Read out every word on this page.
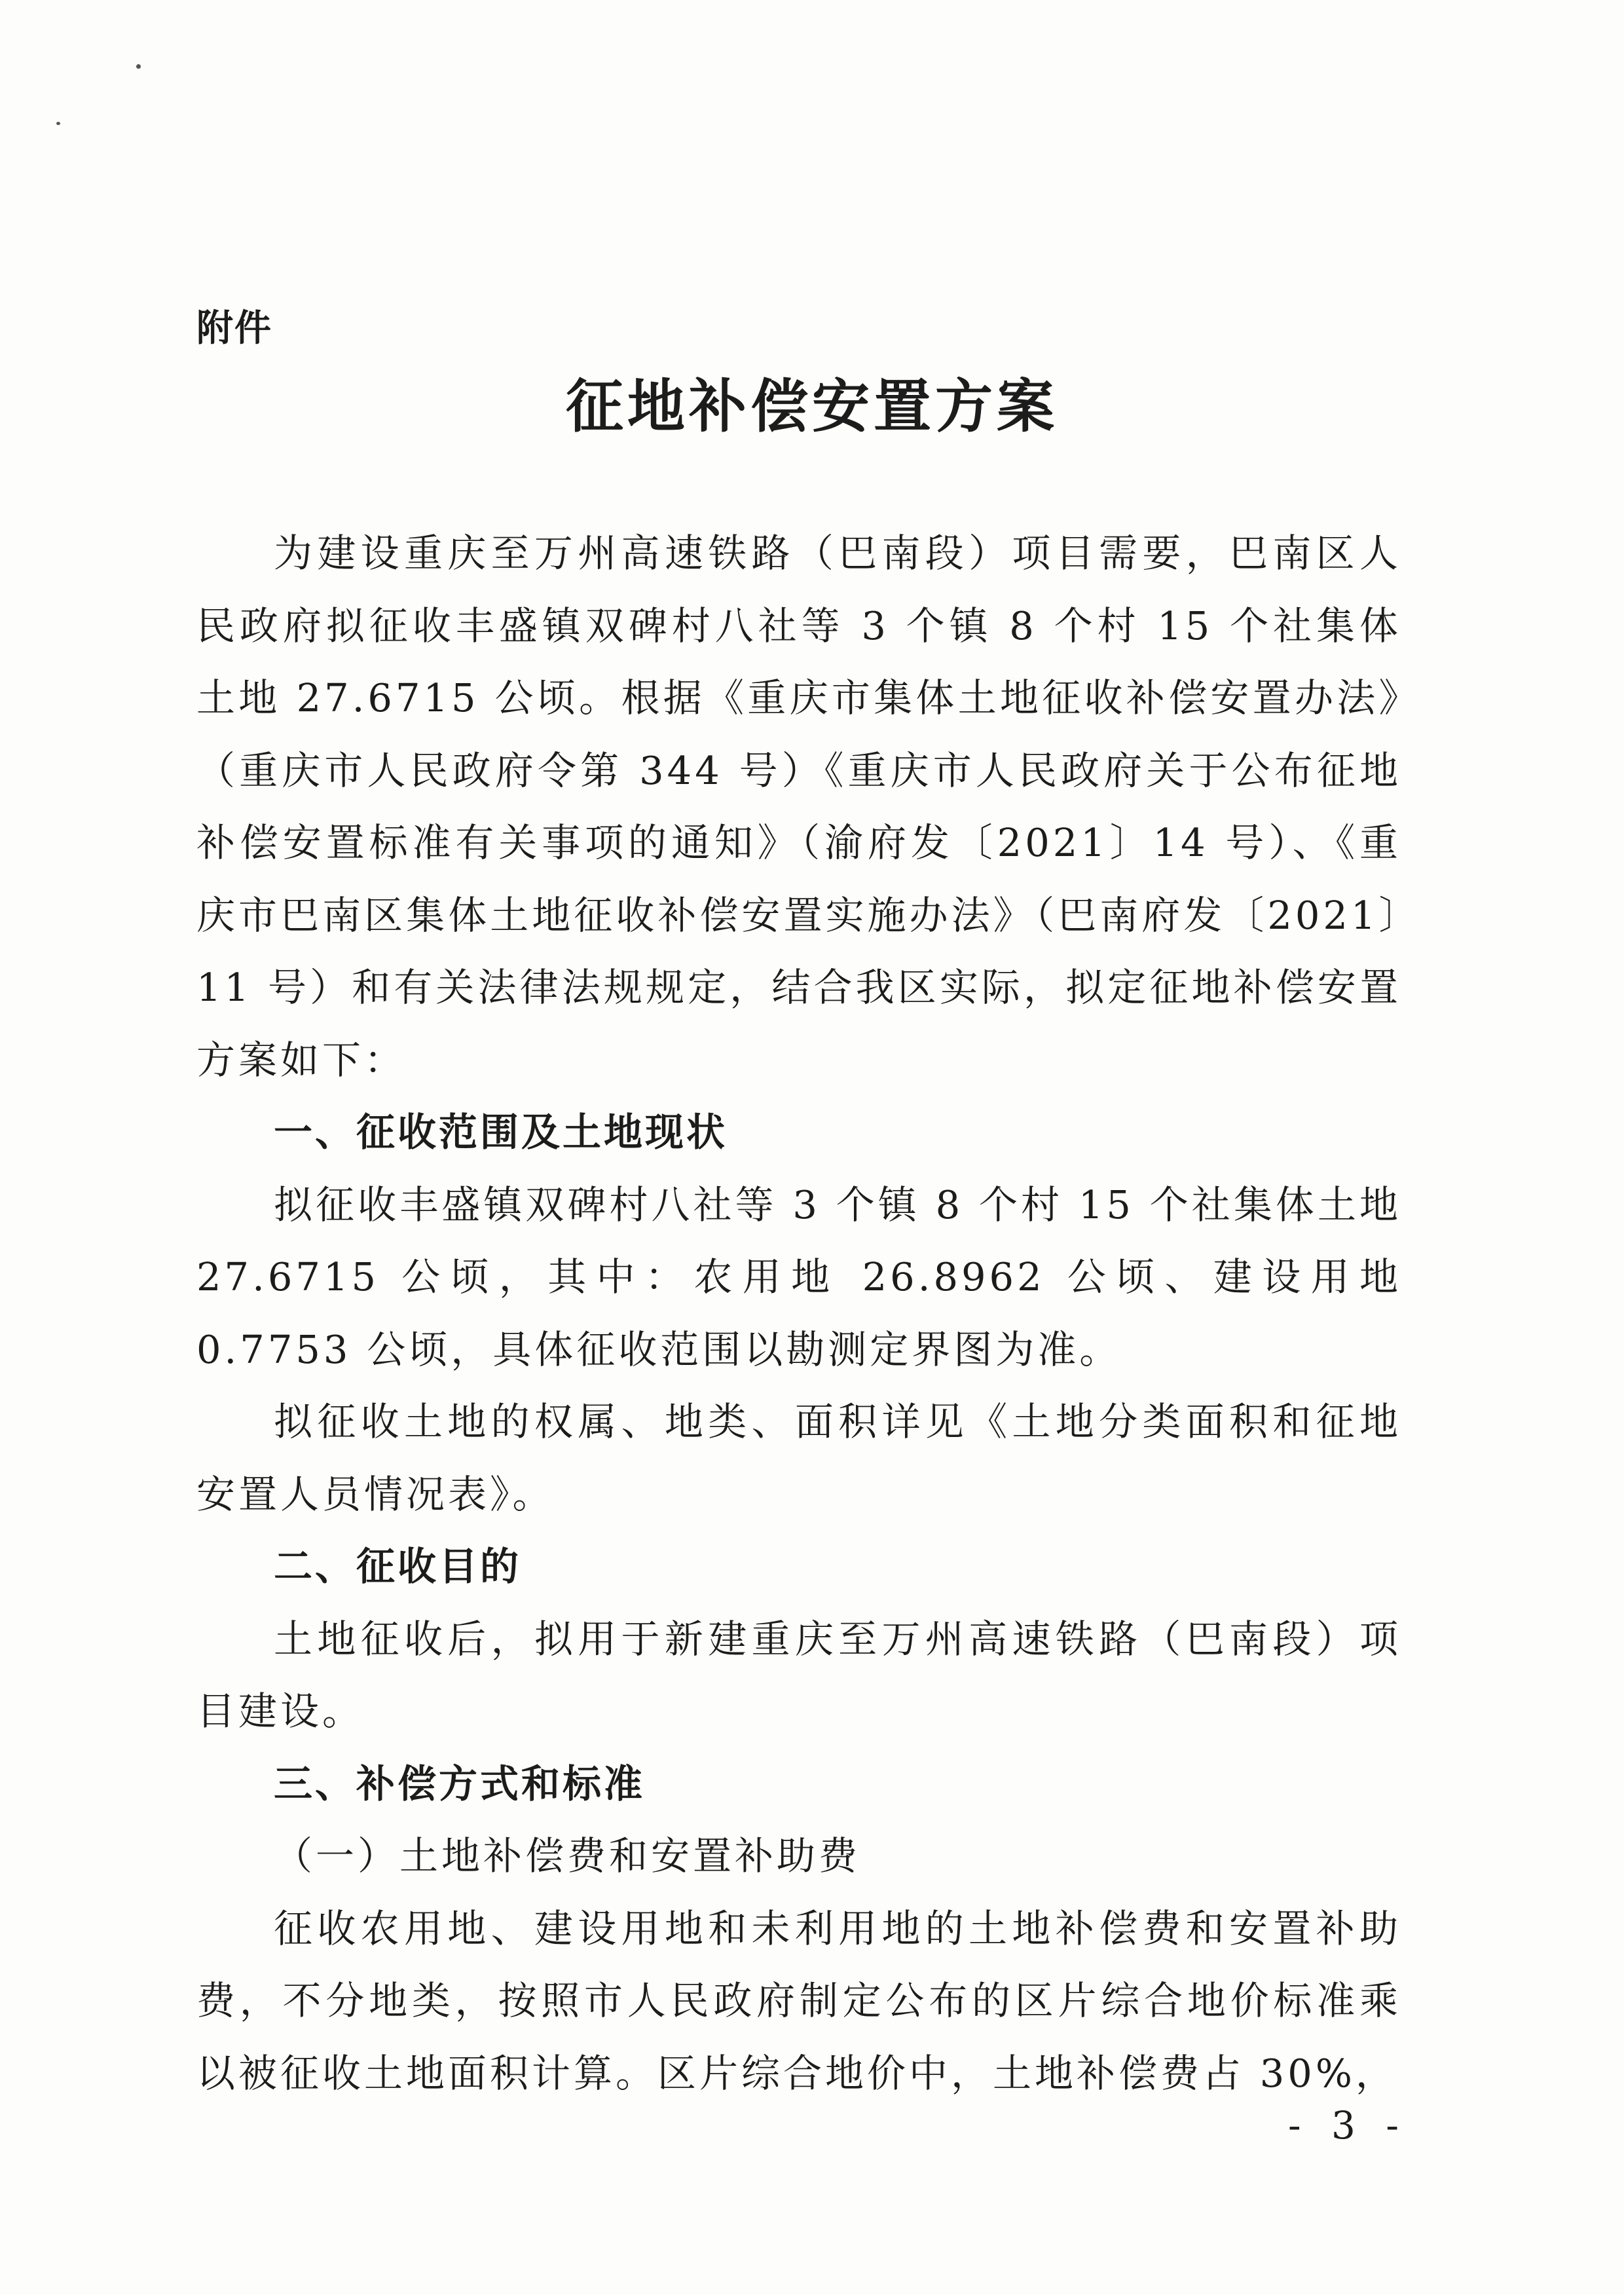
附件
征地补偿安置方案

为建设重庆至万州高速铁路（巴南段）项目需要，巴南区人民政府拟征收丰盛镇双碑村八社等 3 个镇 8 个村 15 个社集体土地 27.6715 公顷。根据《重庆市集体土地征收补偿安置办法》（重庆市人民政府令第 344 号）《重庆市人民政府关于公布征地补偿安置标准有关事项的通知》（渝府发〔2021〕14 号）、《重庆市巴南区集体土地征收补偿安置实施办法》（巴南府发〔2021〕11 号）和有关法律法规规定，结合我区实际，拟定征地补偿安置方案如下：

一、征收范围及土地现状

拟征收丰盛镇双碑村八社等 3 个镇 8 个村 15 个社集体土地 27.6715 公顷，其中：农用地 26.8962 公顷、建设用地 0.7753 公顷，具体征收范围以勘测定界图为准。

拟征收土地的权属、地类、面积详见《土地分类面积和征地安置人员情况表》。

二、征收目的

土地征收后，拟用于新建重庆至万州高速铁路（巴南段）项目建设。

三、补偿方式和标准

（一）土地补偿费和安置补助费

征收农用地、建设用地和未利用地的土地补偿费和安置补助费，不分地类，按照市人民政府制定公布的区片综合地价标准乘以被征收土地面积计算。区片综合地价中，土地补偿费占 30%，

- 3 -
